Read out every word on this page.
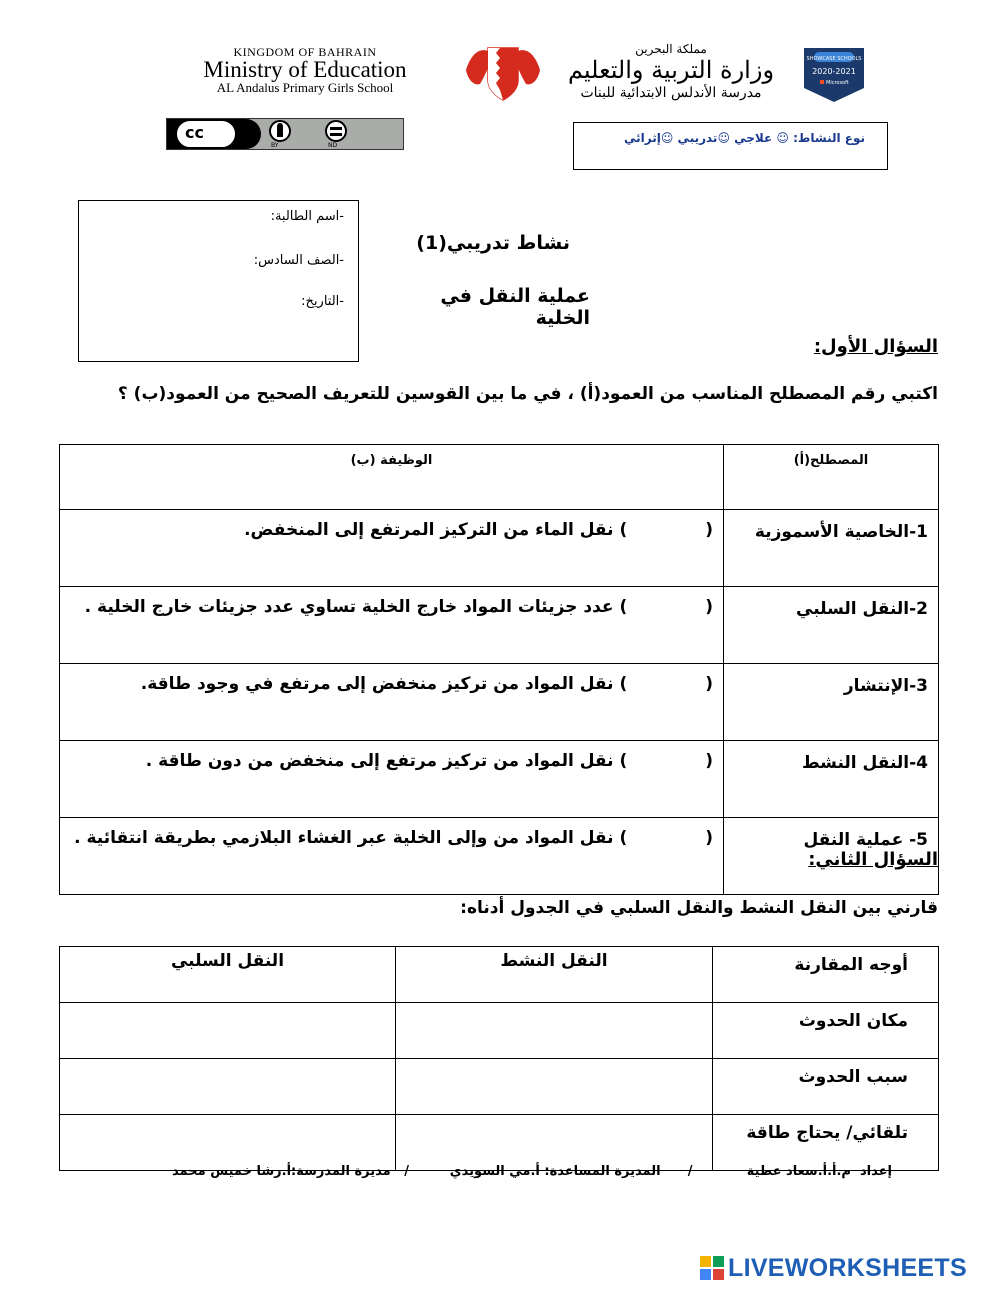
KINGDOM OF BAHRAIN
Ministry of Education
AL Andalus Primary Girls School
مملكة البحرين
وزارة التربية والتعليم
مدرسة الأندلس الابتدائية للبنات
SHOWCASE SCHOOLS
2020-2021
Microsoft
cc
BY	ND
نوع النشاط: ☺ علاجي ☺تدريبي ☺إثرائي
-اسم الطالبة:
-الصف السادس:
-التاريخ:
نشاط تدريبي(1)
عملية النقل في الخلية
السؤال الأول:
اكتبي رقم المصطلح المناسب من العمود(أ) ، في ما بين القوسين للتعريف الصحيح من العمود(ب) ؟
المصطلح(أ)	الوظيفة (ب)
1-الخاصية الأسموزية	() نقل الماء من التركيز المرتفع إلى المنخفض.
2-النقل السلبي	() عدد جزيئات المواد خارج الخلية تساوي عدد جزيئات خارج الخلية .
3-الإنتشار	() نقل المواد من تركيز منخفض إلى مرتفع في وجود طاقة.
4-النقل النشط	() نقل المواد من تركيز مرتفع إلى منخفض من دون طاقة .
5- عملية النقل	() نقل المواد من وإلى الخلية عبر الغشاء البلازمي بطريقة انتقائية .
السؤال الثاني:
قارني بين النقل النشط والنقل السلبي في الجدول أدناه:
أوجه المقارنة	النقل النشط	النقل السلبي
مكان الحدوث		
سبب الحدوث		
تلقائي/ يحتاج طاقة		
إعداد  م.أ.أ.سعاد عطية            /      المديرة المساعدة: أ.مي السويدي         /   مديرة المدرسة:أ.رشا خميس محمد
LIVEWORKSHEETS
